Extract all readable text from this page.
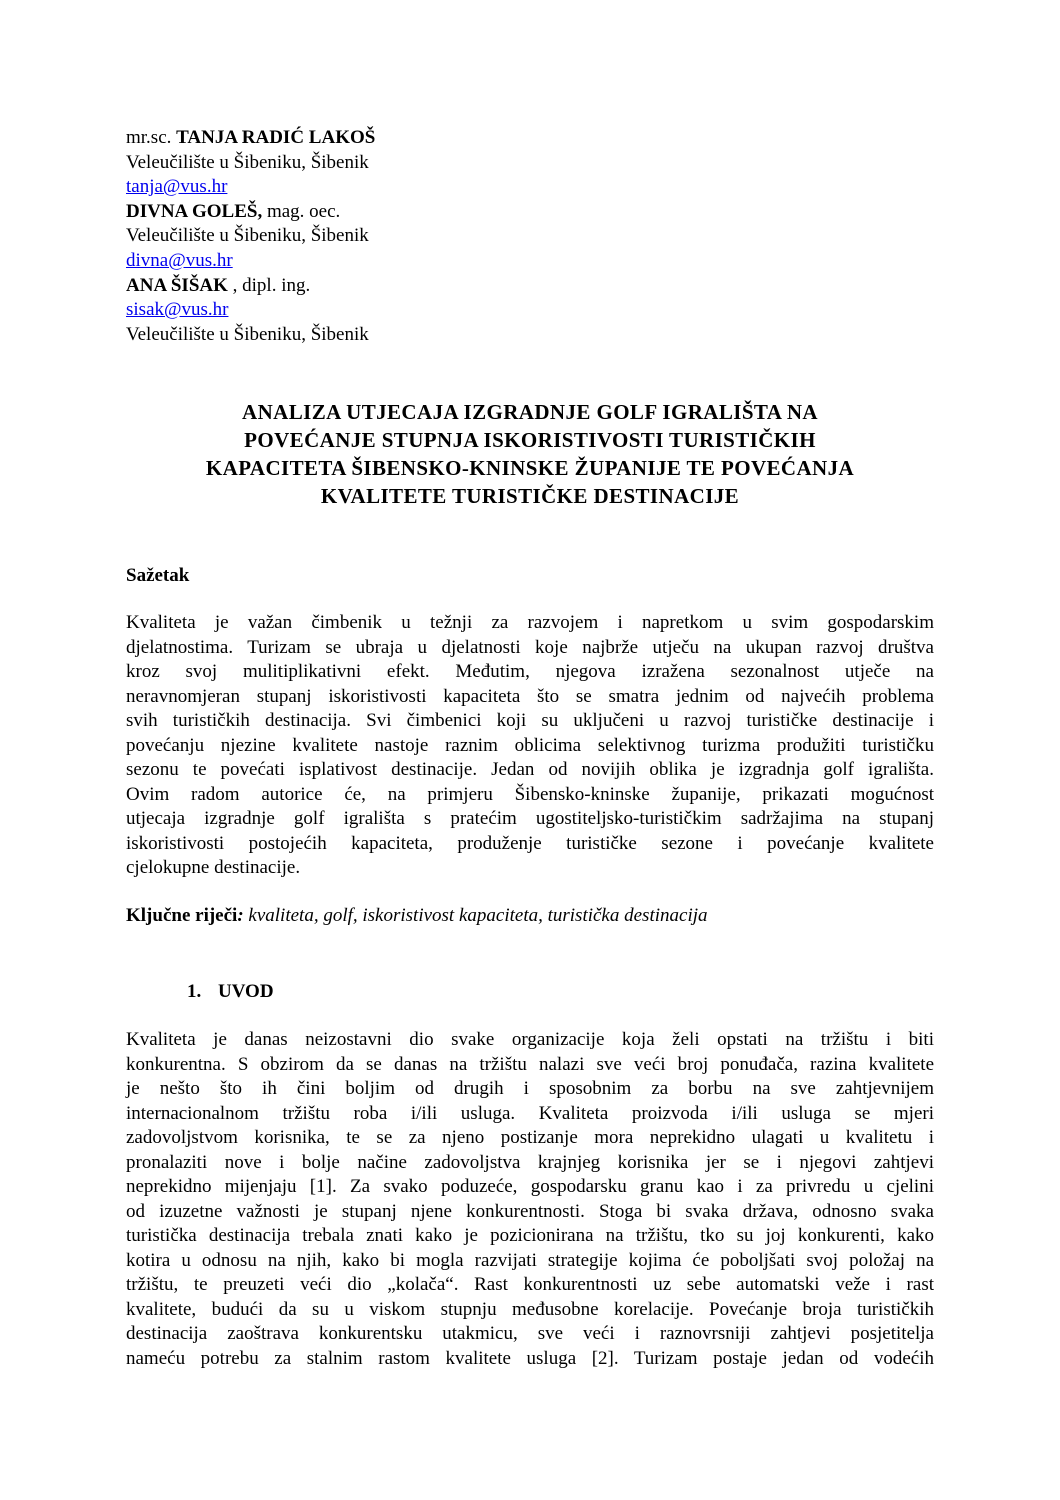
mr.sc. TANJA RADIĆ LAKOŠ
Veleučilište u Šibeniku, Šibenik
tanja@vus.hr
DIVNA GOLEŠ, mag. oec.
Veleučilište u Šibeniku, Šibenik
divna@vus.hr
ANA ŠIŠAK , dipl. ing.
sisak@vus.hr
Veleučilište u Šibeniku, Šibenik
ANALIZA UTJECAJA IZGRADNJE GOLF IGRALIŠTA NA
POVEĆANJE STUPNJA ISKORISTIVOSTI TURISTIČKIH
KAPACITETA ŠIBENSKO-KNINSKE ŽUPANIJE TE POVEĆANJA
KVALITETE TURISTIČKE DESTINACIJE
Sažetak
Kvaliteta je važan čimbenik u težnji za razvojem i napretkom u svim gospodarskim
djelatnostima. Turizam se ubraja u djelatnosti koje najbrže utječu na ukupan razvoj društva
kroz svoj mulitiplikativni efekt. Međutim, njegova izražena sezonalnost utječe na
neravnomjeran stupanj iskoristivosti kapaciteta što se smatra jednim od najvećih problema
svih turističkih destinacija. Svi čimbenici koji su uključeni u razvoj turističke destinacije i
povećanju njezine kvalitete nastoje raznim oblicima selektivnog turizma produžiti turističku
sezonu te povećati isplativost destinacije. Jedan od novijih oblika je izgradnja golf igrališta.
Ovim radom autorice će, na primjeru Šibensko-kninske županije, prikazati mogućnost
utjecaja izgradnje golf igrališta s pratećim ugostiteljsko-turističkim sadržajima na stupanj
iskoristivosti postojećih kapaciteta, produženje turističke sezone i povećanje kvalitete
cjelokupne destinacije.
Ključne riječi: kvaliteta, golf, iskoristivost kapaciteta, turistička destinacija
1. UVOD
Kvaliteta je danas neizostavni dio svake organizacije koja želi opstati na tržištu i biti
konkurentna. S obzirom da se danas na tržištu nalazi sve veći broj ponuđača, razina kvalitete
je nešto što ih čini boljim od drugih i sposobnim za borbu na sve zahtjevnijem
internacionalnom tržištu roba i/ili usluga. Kvaliteta proizvoda i/ili usluga se mjeri
zadovoljstvom korisnika, te se za njeno postizanje mora neprekidno ulagati u kvalitetu i
pronalaziti nove i bolje načine zadovoljstva krajnjeg korisnika jer se i njegovi zahtjevi
neprekidno mijenjaju [1]. Za svako poduzeće, gospodarsku granu kao i za privredu u cjelini
od izuzetne važnosti je stupanj njene konkurentnosti. Stoga bi svaka država, odnosno svaka
turistička destinacija trebala znati kako je pozicionirana na tržištu, tko su joj konkurenti, kako
kotira u odnosu na njih, kako bi mogla razvijati strategije kojima će poboljšati svoj položaj na
tržištu, te preuzeti veći dio „kolača“. Rast konkurentnosti uz sebe automatski veže i rast
kvalitete, budući da su u viskom stupnju međusobne korelacije. Povećanje broja turističkih
destinacija zaoštrava konkurentsku utakmicu, sve veći i raznovrsniji zahtjevi posjetitelja
nameću potrebu za stalnim rastom kvalitete usluga [2]. Turizam postaje jedan od vodećih
